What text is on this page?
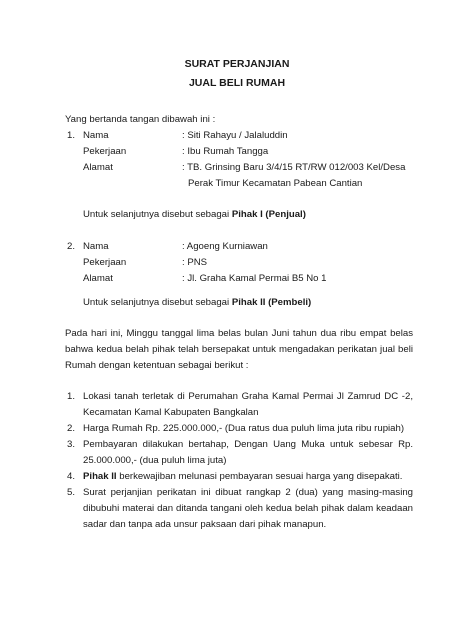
SURAT PERJANJIAN
JUAL BELI RUMAH
Yang bertanda tangan dibawah ini :
1. Nama	: Siti Rahayu / Jalaluddin
Pekerjaan	: Ibu Rumah Tangga
Alamat	: TB. Grinsing Baru 3/4/15 RT/RW 012/003 Kel/Desa
Perak Timur Kecamatan Pabean Cantian
Untuk selanjutnya disebut sebagai Pihak I (Penjual)
2. Nama	: Agoeng Kurniawan
Pekerjaan	: PNS
Alamat	: Jl. Graha Kamal Permai B5 No 1
Untuk selanjutnya disebut sebagai Pihak II (Pembeli)
Pada hari ini, Minggu tanggal lima belas bulan Juni tahun dua ribu empat belas
bahwa kedua belah pihak telah bersepakat untuk mengadakan perikatan jual beli
Rumah dengan ketentuan sebagai berikut :
1. Lokasi tanah terletak di Perumahan Graha Kamal Permai Jl Zamrud DC -2,
Kecamatan Kamal Kabupaten Bangkalan
2. Harga Rumah Rp. 225.000.000,- (Dua ratus dua puluh lima juta ribu rupiah)
3. Pembayaran dilakukan bertahap, Dengan Uang Muka untuk sebesar Rp.
25.000.000,- (dua puluh lima juta)
4. Pihak II berkewajiban melunasi pembayaran sesuai harga yang disepakati.
5. Surat perjanjian perikatan ini dibuat rangkap 2 (dua) yang masing-masing
dibubuhi materai dan ditanda tangani oleh kedua belah pihak dalam keadaan
sadar dan tanpa ada unsur paksaan dari pihak manapun.
